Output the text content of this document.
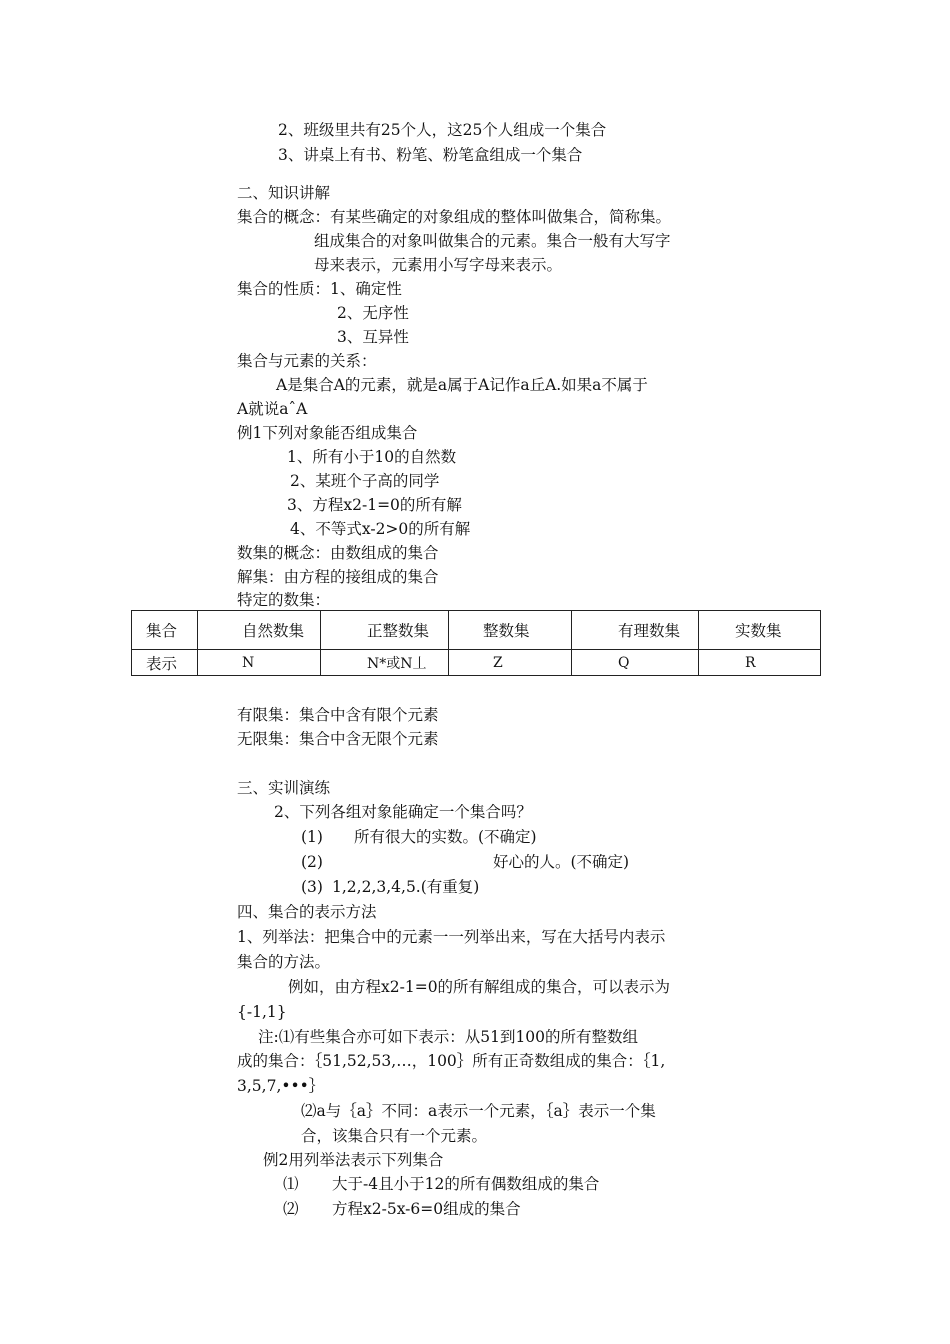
2、班级里共有25个人，这25个人组成一个集合
3、讲桌上有书、粉笔、粉笔盒组成一个集合
二、知识讲解
集合的概念：有某些确定的对象组成的整体叫做集合，简称集。
组成集合的对象叫做集合的元素。集合一般有大写字
母来表示，元素用小写字母来表示。
集合的性质：1、确定性
2、无序性
3、互异性
集合与元素的关系：
A是集合A的元素，就是a属于A记作a丘A.如果a不属于
A就说aˆA
例1下列对象能否组成集合
1、所有小于10的自然数
2、某班个子高的同学
3、方程x2-1=0的所有解
4、不等式x-2>0的所有解
数集的概念：由数组成的集合
解集：由方程的接组成的集合
特定的数集：
集合	自然数集	正整数集	整数集	有理数集	实数集
表示	N	N*或N丄	Z	Q	R
有限集：集合中含有限个元素
无限集：集合中含无限个元素
三、实训演练
2、下列各组对象能确定一个集合吗？
(1) 所有很大的实数。(不确定)
(2)	好心的人。(不确定)
(3) 1,2,2,3,4,5.(有重复)
四、集合的表示方法
1、列举法：把集合中的元素一一列举出来，写在大括号内表示
集合的方法。
例如，由方程x2-1=0的所有解组成的集合，可以表示为
{-1,1}
注:⑴有些集合亦可如下表示：从51到100的所有整数组
成的集合：｛51,52,53,…，100｝所有正奇数组成的集合：｛1,
3,5,7,•••｝
⑵a与｛a｝不同：a表示一个元素，｛a｝表示一个集
合，该集合只有一个元素。
例2用列举法表示下列集合
⑴ 大于-4且小于12的所有偶数组成的集合
⑵ 方程x2-5x-6=0组成的集合
